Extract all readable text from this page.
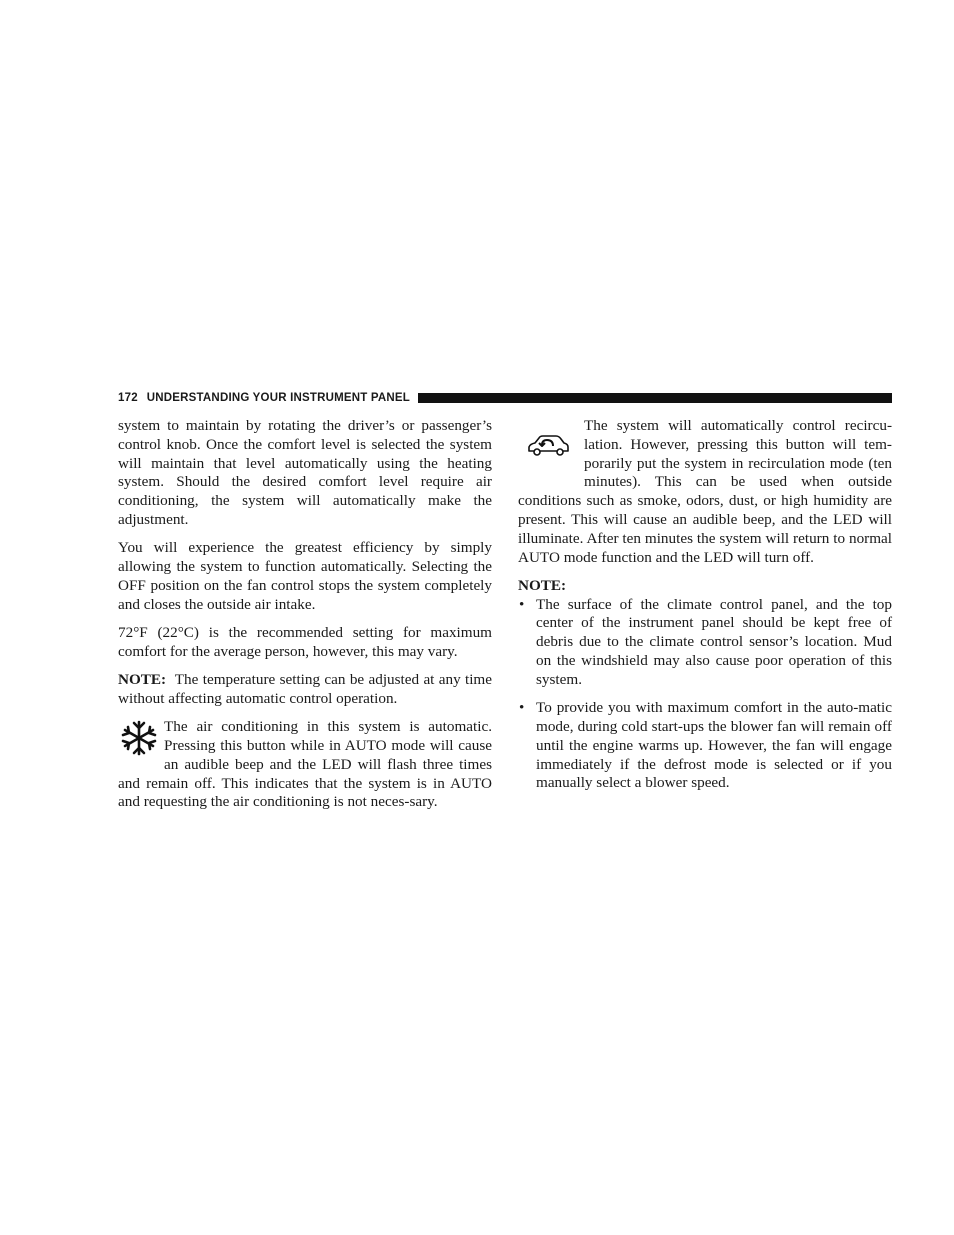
172 UNDERSTANDING YOUR INSTRUMENT PANEL

system to maintain by rotating the driver’s or passenger’s control knob. Once the comfort level is selected the system will maintain that level automatically using the heating system. Should the desired comfort level require air conditioning, the system will automatically make the adjustment.

You will experience the greatest efficiency by simply allowing the system to function automatically. Selecting the OFF position on the fan control stops the system completely and closes the outside air intake.

72°F (22°C) is the recommended setting for maximum comfort for the average person, however, this may vary.

NOTE: The temperature setting can be adjusted at any time without affecting automatic control operation.

The air conditioning in this system is automatic. Pressing this button while in AUTO mode will cause an audible beep and the LED will flash three times and remain off. This indicates that the system is in AUTO and requesting the air conditioning is not neces-sary.

The system will automatically control recircu-lation. However, pressing this button will tem-porarily put the system in recirculation mode (ten minutes). This can be used when outside conditions such as smoke, odors, dust, or high humidity are present. This will cause an audible beep, and the LED will illuminate. After ten minutes the system will return to normal AUTO mode function and the LED will turn off.

NOTE:

• The surface of the climate control panel, and the top center of the instrument panel should be kept free of debris due to the climate control sensor’s location. Mud on the windshield may also cause poor operation of this system.
• To provide you with maximum comfort in the auto-matic mode, during cold start-ups the blower fan will remain off until the engine warms up. However, the fan will engage immediately if the defrost mode is selected or if you manually select a blower speed.
